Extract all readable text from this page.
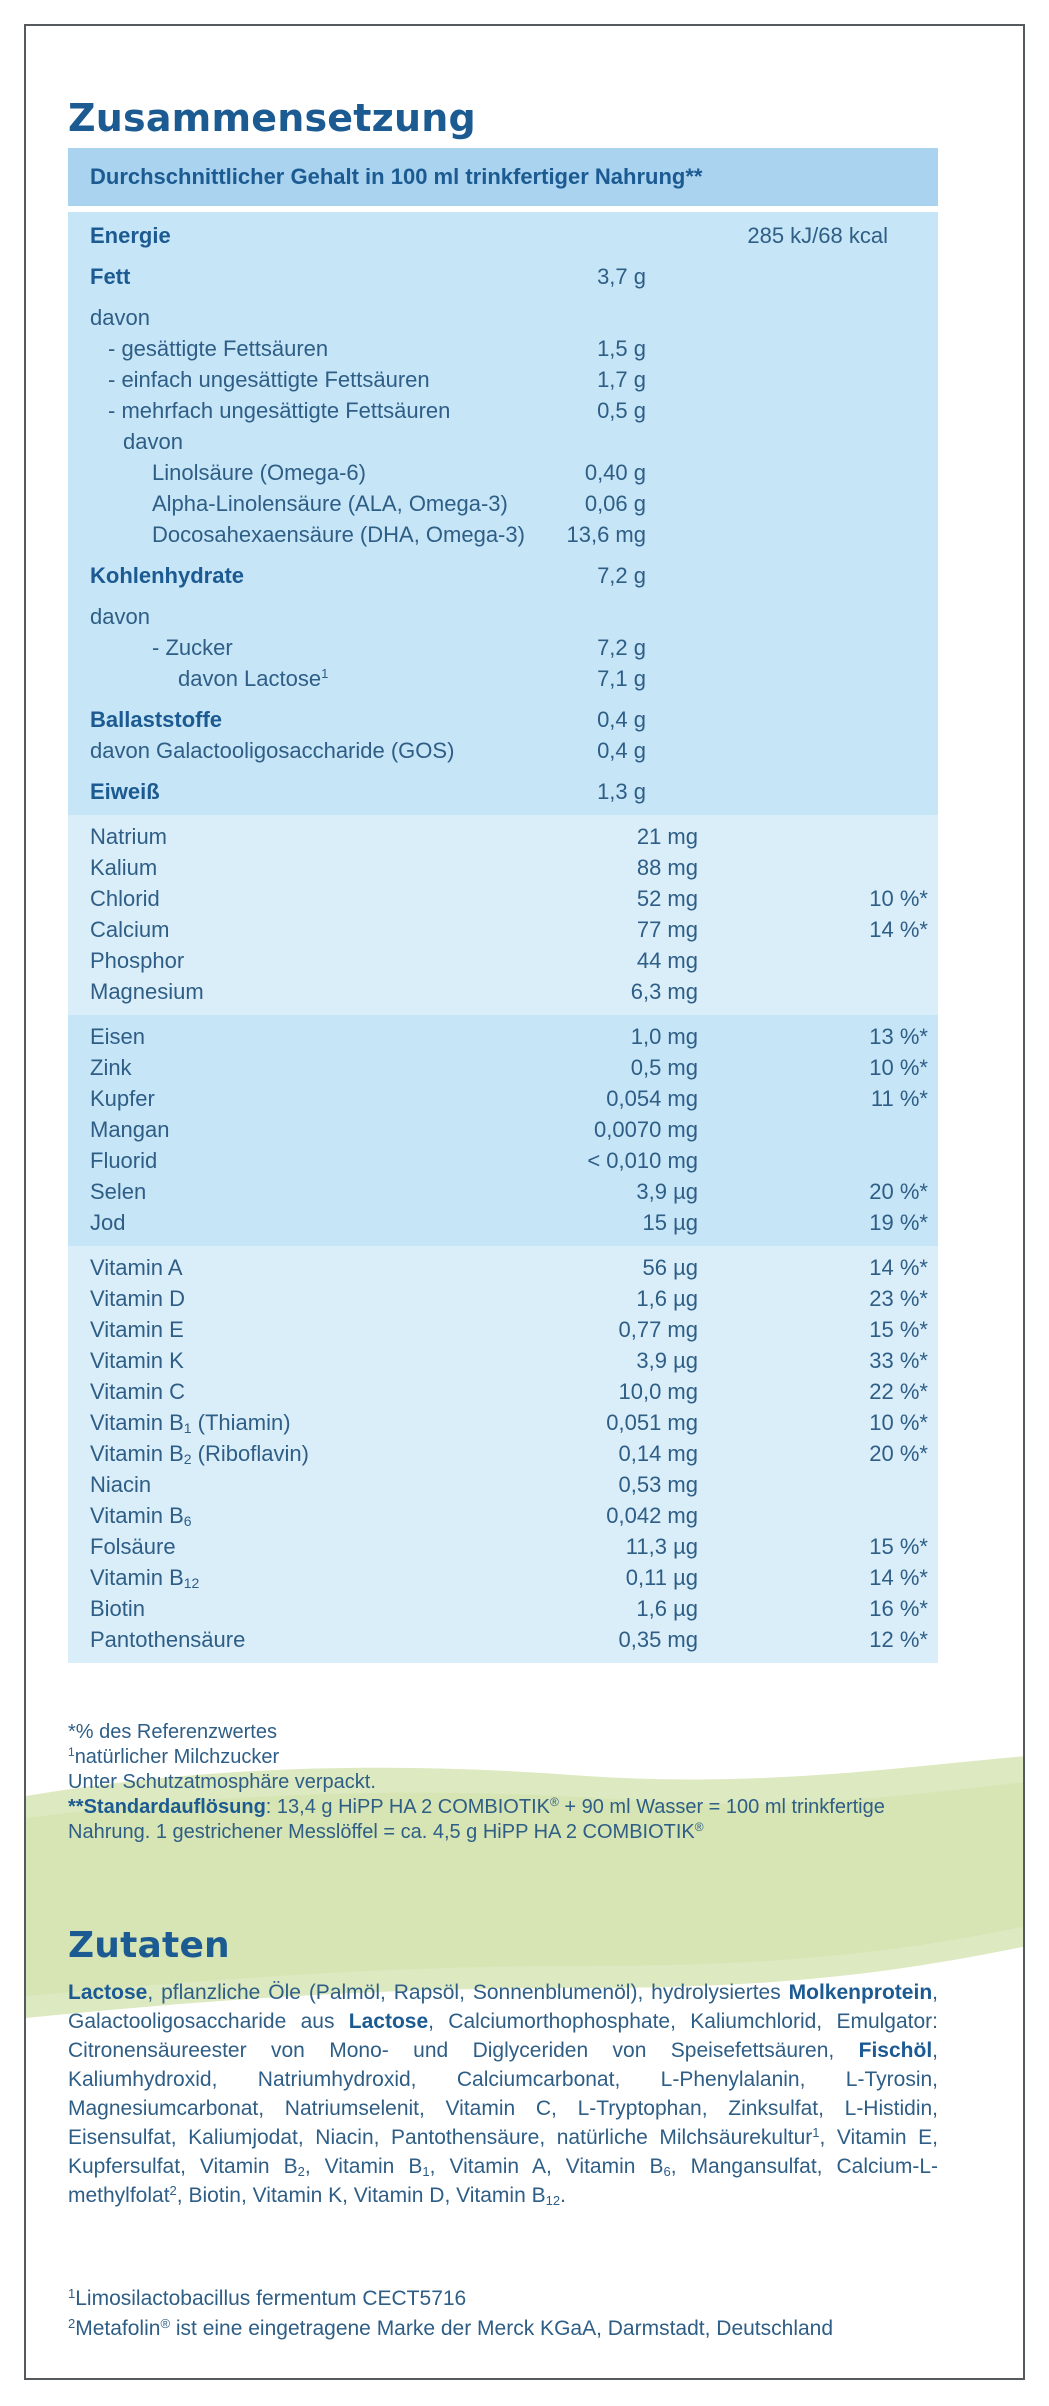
Zusammensetzung
Durchschnittlicher Gehalt in 100 ml trinkfertiger Nahrung**
Energie	285 kJ/68 kcal
Fett	3,7 g
davon
- gesättigte Fettsäuren	1,5 g
- einfach ungesättigte Fettsäuren	1,7 g
- mehrfach ungesättigte Fettsäuren	0,5 g
davon
Linolsäure (Omega-6)	0,40 g
Alpha-Linolensäure (ALA, Omega-3)	0,06 g
Docosahexaensäure (DHA, Omega-3) 13,6 mg
Kohlenhydrate	7,2 g
davon
- Zucker	7,2 g
davon Lactose$^1$	7,1 g
Ballaststoffe	0,4 g
davon Galactooligosaccharide (GOS)	0,4 g
Eiweiß	1,3 g
Natrium	21 mg
Kalium	88 mg
Chlorid	52 mg	10 %*
Calcium	77 mg	14 %*
Phosphor	44 mg
Magnesium	6,3 mg
Eisen	1,0 mg	13 %*
Zink	0,5 mg	10 %*
Kupfer	0,054 mg	11 %*
Mangan	0,0070 mg
Fluorid	< 0,010 mg
Selen	3,9 µg	20 %*
Jod	15 µg	19 %*
Vitamin A	56 µg	14 %*
Vitamin D	1,6 µg	23 %*
Vitamin E	0,77 mg	15 %*
Vitamin K	3,9 µg	33 %*
Vitamin C	10,0 mg	22 %*
Vitamin $B_1$ (Thiamin)	0,051 mg	10 %*
Vitamin $B_2$ (Riboflavin)	0,14 mg	20 %*
Niacin	0,53 mg
Vitamin $B_6$	0,042 mg
Folsäure	11,3 µg	15 %*
Vitamin $B_{12}$	0,11 µg	14 %*
Biotin	1,6 µg	16 %*
Pantothensäure	0,35 mg	12 %*
*% des Referenzwertes
$^1$natürlicher Milchzucker
Unter Schutzatmosphäre verpackt.
**Standardauflösung: 13,4 g HiPP HA 2 COMBIOTIK® + 90 ml Wasser = 100 ml trinkfertige Nahrung. 1 gestrichener Messlöffel = ca. 4,5 g HiPP HA 2 COMBIOTIK®
Zutaten
Lactose, pflanzliche Öle (Palmöl, Rapsöl, Sonnenblumenöl), hydrolysiertes Molkenprotein, Galactooligosaccharide aus Lactose, Calciumorthophosphate, Kaliumchlorid, Emulgator: Citronensäureester von Mono- und Diglyceriden von Speisefettsäuren, Fischöl, Kaliumhydroxid, Natriumhydroxid, Calciumcarbonat, L-Phenylalanin, L-Tyrosin, Magnesiumcarbonat, Natriumselenit, Vitamin C, L-Tryptophan, Zinksulfat, L-Histidin, Eisensulfat, Kaliumjodat, Niacin, Pantothensäure, natürliche Milchsäurekultur$^1$, Vitamin E, Kupfersulfat, Vitamin $B_2$, Vitamin $B_1$, Vitamin A, Vitamin $B_6$, Mangansulfat, Calcium-L-methylfolat$^2$, Biotin, Vitamin K, Vitamin D, Vitamin $B_{12}$.
$^1$Limosilactobacillus fermentum CECT5716
$^2$Metafolin® ist eine eingetragene Marke der Merck KGaA, Darmstadt, Deutschland
